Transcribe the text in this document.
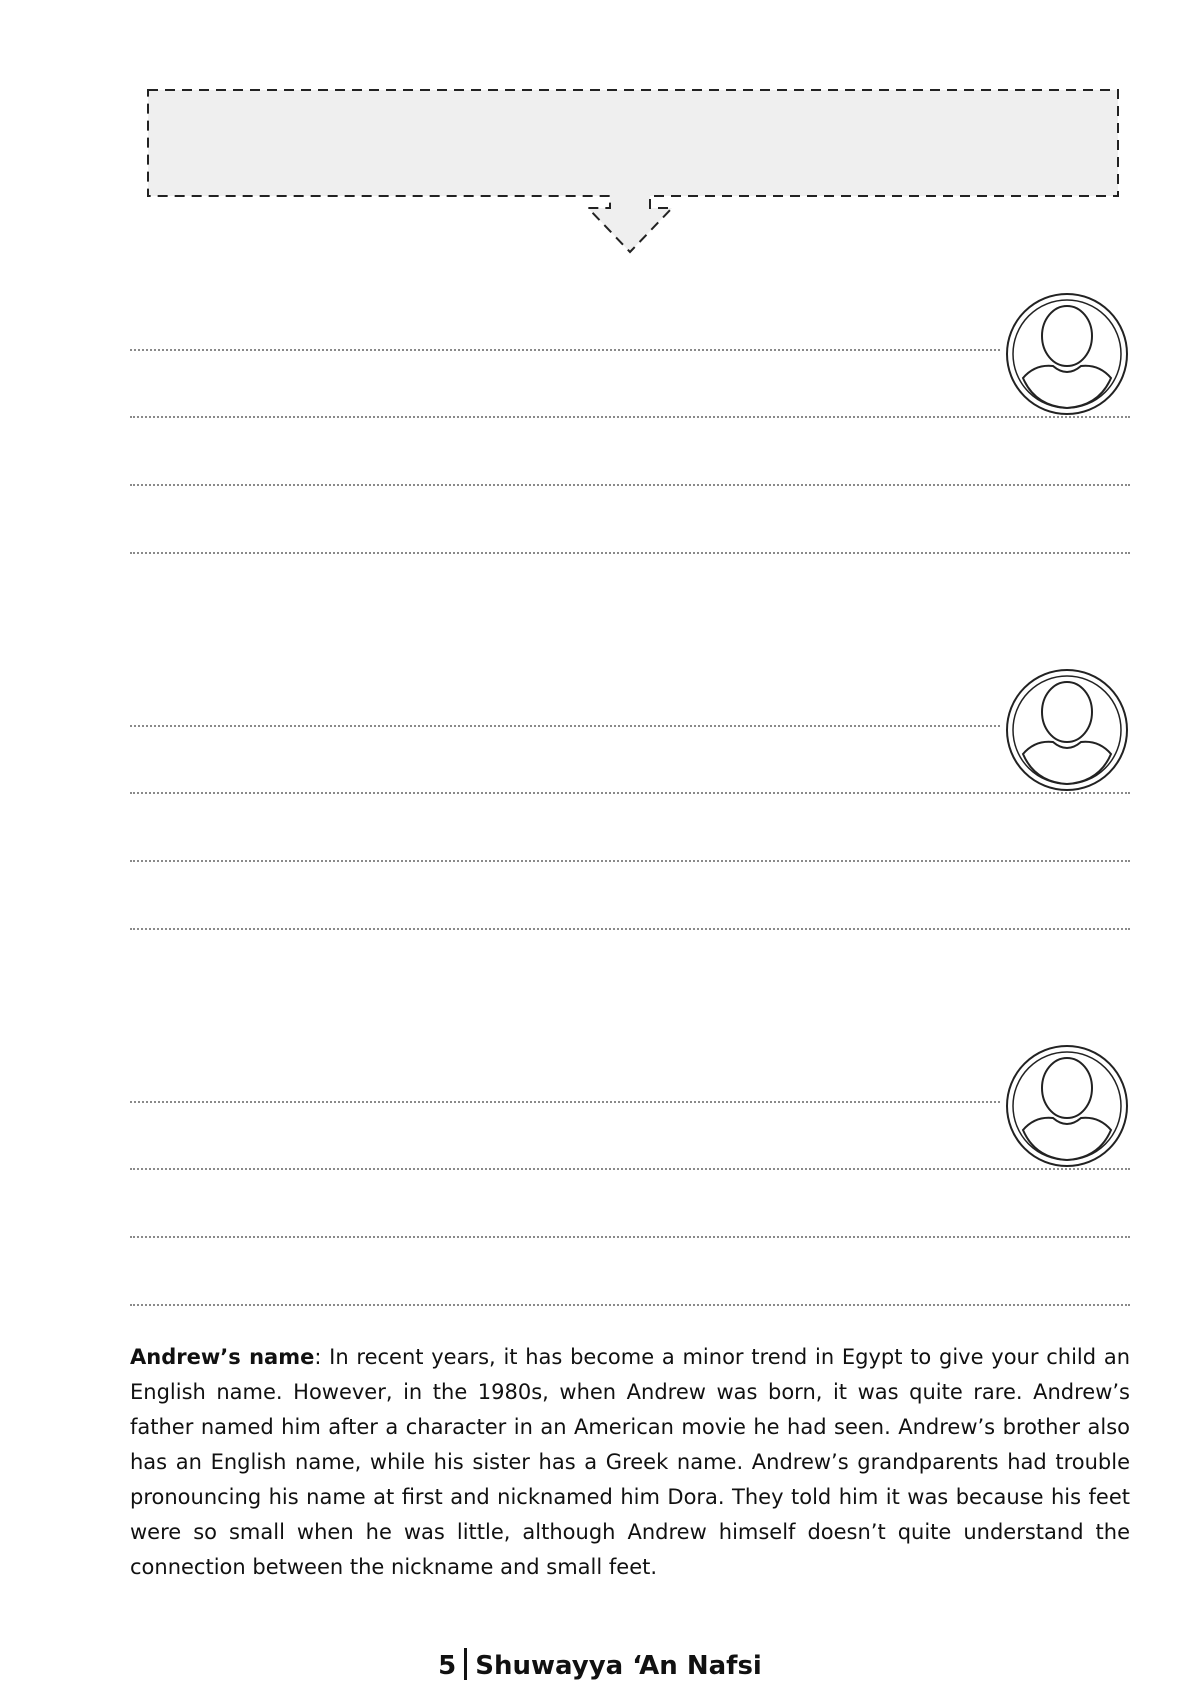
Andrew’s name: In recent years, it has become a minor trend in Egypt to give your child an English name. However, in the 1980s, when Andrew was born, it was quite rare. Andrew’s father named him after a character in an American movie he had seen. Andrew’s brother also has an English name, while his sister has a Greek name. Andrew’s grandparents had trouble pronouncing his name at first and nicknamed him Dora. They told him it was because his feet were so small when he was little, although Andrew himself doesn’t quite understand the connection between the nickname and small feet.

5 Shuwayya ‘An Nafsi
